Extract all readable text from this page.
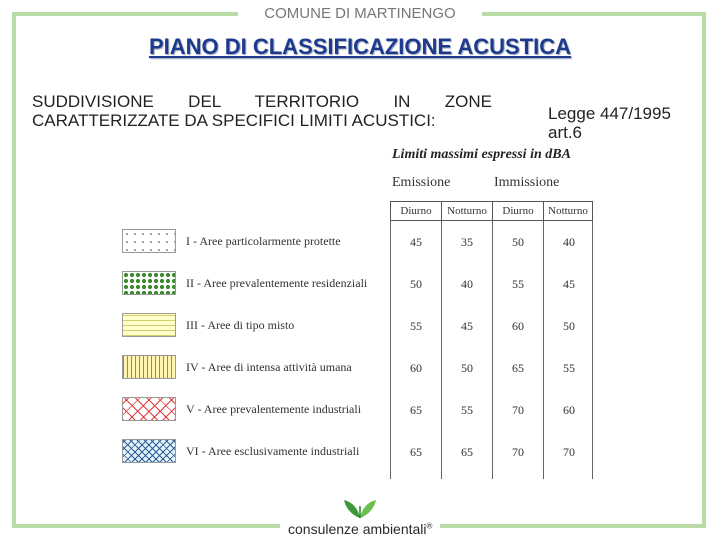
COMUNE DI MARTINENGO
PIANO DI CLASSIFICAZIONE ACUSTICA
SUDDIVISIONE DEL TERRITORIO IN ZONE CARATTERIZZATE DA SPECIFICI LIMITI ACUSTICI:	Legge 447/1995
art.6
Limiti massimi espressi in dBA
Emissione	Immissione
Diurno	Notturno	Diurno	Notturno
I - Aree particolarmente protette	45	35	50	40
II - Aree prevalentemente residenziali	50	40	55	45
III - Aree di tipo misto	55	45	60	50
IV - Aree di intensa attività umana	60	50	65	55
V - Aree prevalentemente industriali	65	55	70	60
VI - Aree esclusivamente industriali	65	65	70	70
consulenze ambientali®
